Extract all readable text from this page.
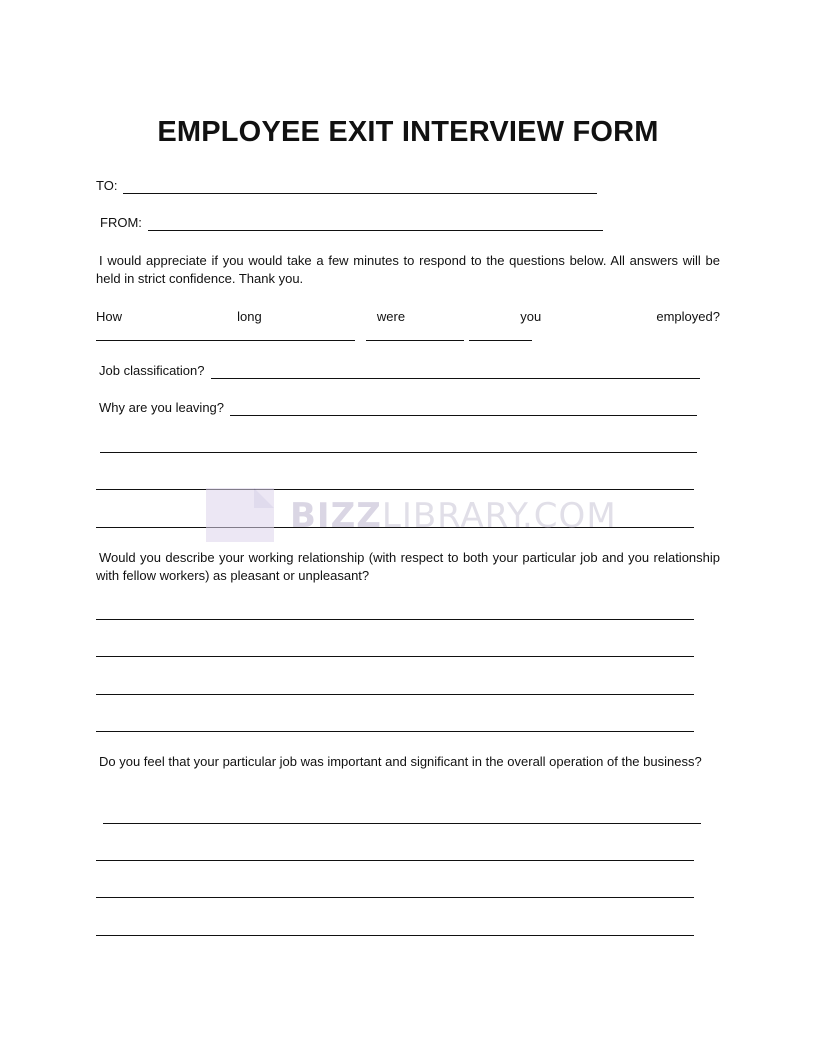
EMPLOYEE EXIT INTERVIEW FORM
TO:
FROM:

I would appreciate if you would take a few minutes to respond to the questions below. All answers will be held in strict confidence. Thank you.

How	long	were	you	employed?
Job classification?
Why are you leaving?
BIZZLIBRARY.COM

Would you describe your working relationship (with respect to both your particular job and you relationship with fellow workers) as pleasant or unpleasant?

Do you feel that your particular job was important and significant in the overall operation of the business?
